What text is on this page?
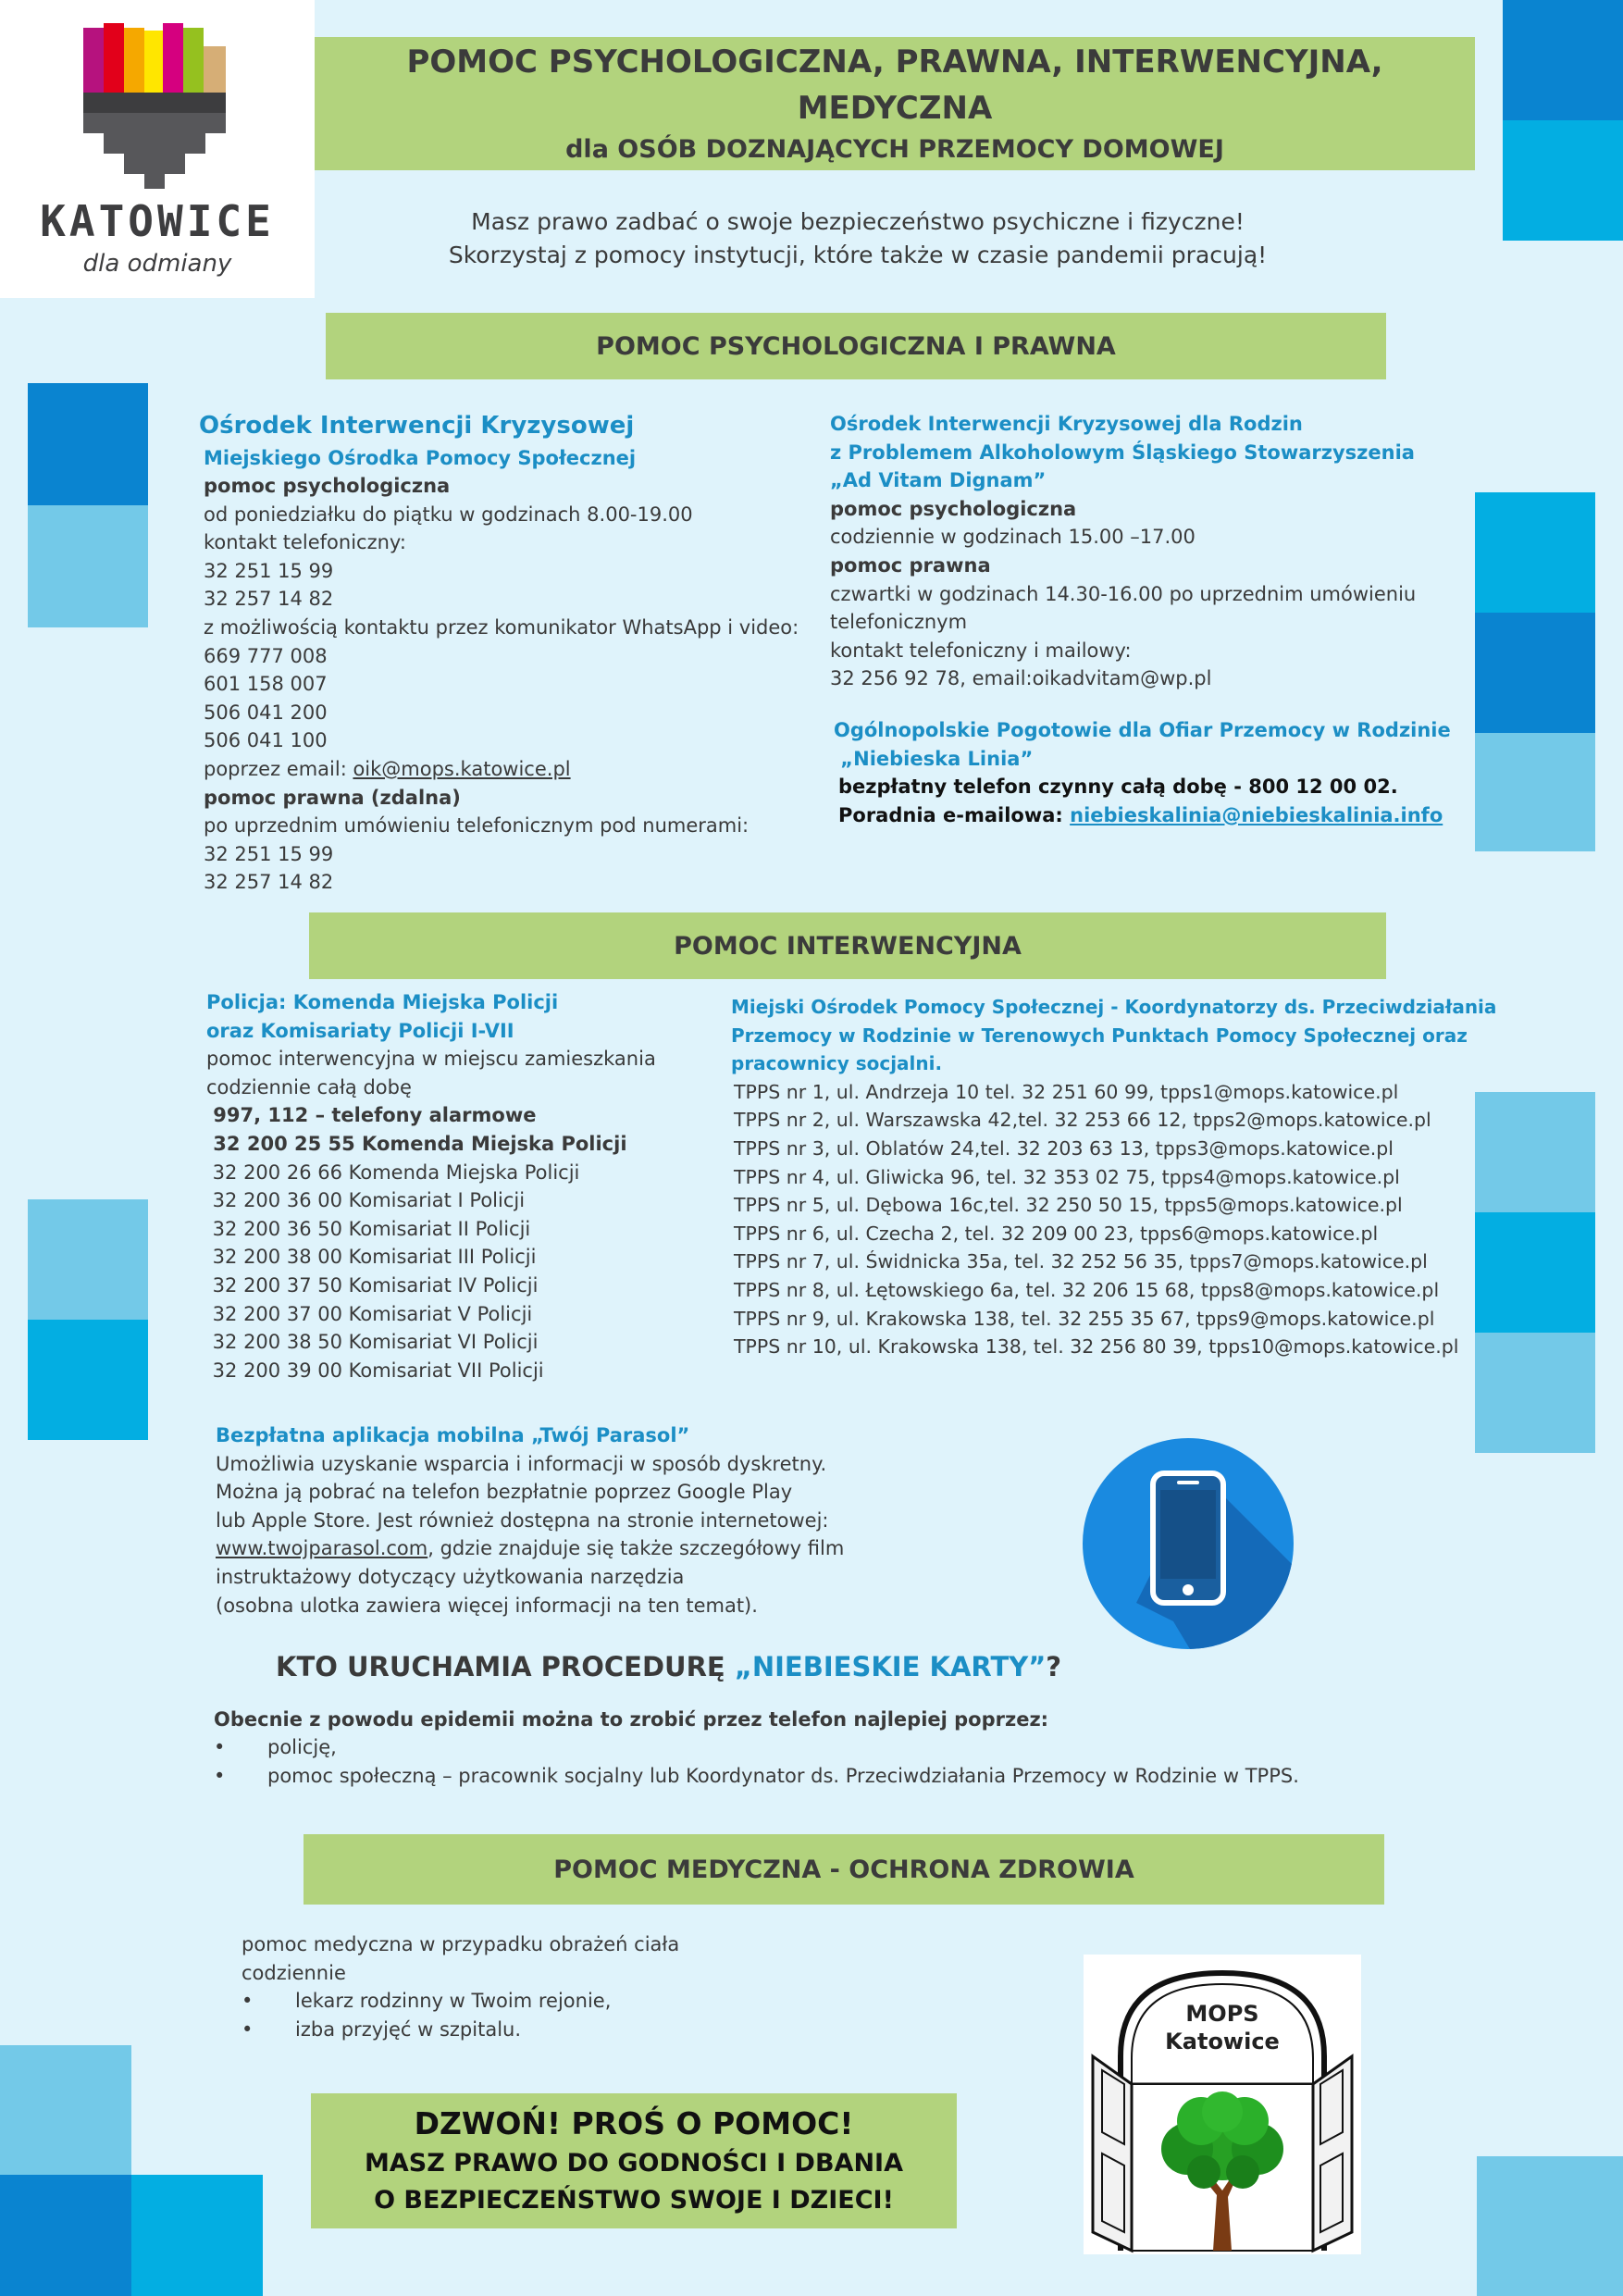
KATOWICE
dla odmiany
POMOC PSYCHOLOGICZNA, PRAWNA, INTERWENCYJNA, MEDYCZNA
dla OSÓB DOZNAJĄCYCH PRZEMOCY DOMOWEJ
Masz prawo zadbać o swoje bezpieczeństwo psychiczne i fizyczne!
Skorzystaj z pomocy instytucji, które także w czasie pandemii pracują!
POMOC PSYCHOLOGICZNA I PRAWNA
Ośrodek Interwencji Kryzysowej
Miejskiego Ośrodka Pomocy Społecznej
pomoc psychologiczna
od poniedziałku do piątku w godzinach 8.00-19.00
kontakt telefoniczny:
32 251 15 99
32 257 14 82
z możliwością kontaktu przez komunikator WhatsApp i video:
669 777 008
601 158 007
506 041 200
506 041 100
poprzez email: oik@mops.katowice.pl
pomoc prawna (zdalna)
po uprzednim umówieniu telefonicznym pod numerami:
32 251 15 99
32 257 14 82
Ośrodek Interwencji Kryzysowej dla Rodzin
z Problemem Alkoholowym Śląskiego Stowarzyszenia
„Ad Vitam Dignam”
pomoc psychologiczna
codziennie w godzinach 15.00 –17.00
pomoc prawna
czwartki w godzinach 14.30-16.00 po uprzednim umówieniu
telefonicznym
kontakt telefoniczny i mailowy:
32 256 92 78, email:oikadvitam@wp.pl
Ogólnopolskie Pogotowie dla Ofiar Przemocy w Rodzinie
„Niebieska Linia”
bezpłatny telefon czynny całą dobę - 800 12 00 02.
Poradnia e-mailowa: niebieskalinia@niebieskalinia.info
POMOC INTERWENCYJNA
Policja: Komenda Miejska Policji
oraz Komisariaty Policji I-VII
pomoc interwencyjna w miejscu zamieszkania
codziennie całą dobę
997, 112 – telefony alarmowe
32 200 25 55 Komenda Miejska Policji
32 200 26 66 Komenda Miejska Policji
32 200 36 00 Komisariat I Policji
32 200 36 50 Komisariat II Policji
32 200 38 00 Komisariat III Policji
32 200 37 50 Komisariat IV Policji
32 200 37 00 Komisariat V Policji
32 200 38 50 Komisariat VI Policji
32 200 39 00 Komisariat VII Policji
Miejski Ośrodek Pomocy Społecznej - Koordynatorzy ds. Przeciwdziałania
Przemocy w Rodzinie w Terenowych Punktach Pomocy Społecznej oraz
pracownicy socjalni.
TPPS nr 1, ul. Andrzeja 10 tel. 32 251 60 99, tpps1@mops.katowice.pl
TPPS nr 2, ul. Warszawska 42,tel. 32 253 66 12, tpps2@mops.katowice.pl
TPPS nr 3, ul. Oblatów 24,tel. 32 203 63 13, tpps3@mops.katowice.pl
TPPS nr 4, ul. Gliwicka 96, tel. 32 353 02 75, tpps4@mops.katowice.pl
TPPS nr 5, ul. Dębowa 16c,tel. 32 250 50 15, tpps5@mops.katowice.pl
TPPS nr 6, ul. Czecha 2, tel. 32 209 00 23, tpps6@mops.katowice.pl
TPPS nr 7, ul. Świdnicka 35a, tel. 32 252 56 35, tpps7@mops.katowice.pl
TPPS nr 8, ul. Łętowskiego 6a, tel. 32 206 15 68, tpps8@mops.katowice.pl
TPPS nr 9, ul. Krakowska 138, tel. 32 255 35 67, tpps9@mops.katowice.pl
TPPS nr 10, ul. Krakowska 138, tel. 32 256 80 39, tpps10@mops.katowice.pl
Bezpłatna aplikacja mobilna „Twój Parasol”
Umożliwia uzyskanie wsparcia i informacji w sposób dyskretny.
Można ją pobrać na telefon bezpłatnie poprzez Google Play
lub Apple Store. Jest również dostępna na stronie internetowej:
www.twojparasol.com, gdzie znajduje się także szczegółowy film
instruktażowy dotyczący użytkowania narzędzia
(osobna ulotka zawiera więcej informacji na ten temat).
KTO URUCHAMIA PROCEDURĘ „NIEBIESKIE KARTY”?
Obecnie z powodu epidemii można to zrobić przez telefon najlepiej poprzez:
• policję,
• pomoc społeczną – pracownik socjalny lub Koordynator ds. Przeciwdziałania Przemocy w Rodzinie w TPPS.
POMOC MEDYCZNA - OCHRONA ZDROWIA
pomoc medyczna w przypadku obrażeń ciała
codziennie
• lekarz rodzinny w Twoim rejonie,
• izba przyjęć w szpitalu.
DZWOŃ! PROŚ O POMOC!
MASZ PRAWO DO GODNOŚCI I DBANIA
O BEZPIECZEŃSTWO SWOJE I DZIECI!
MOPS
Katowice
